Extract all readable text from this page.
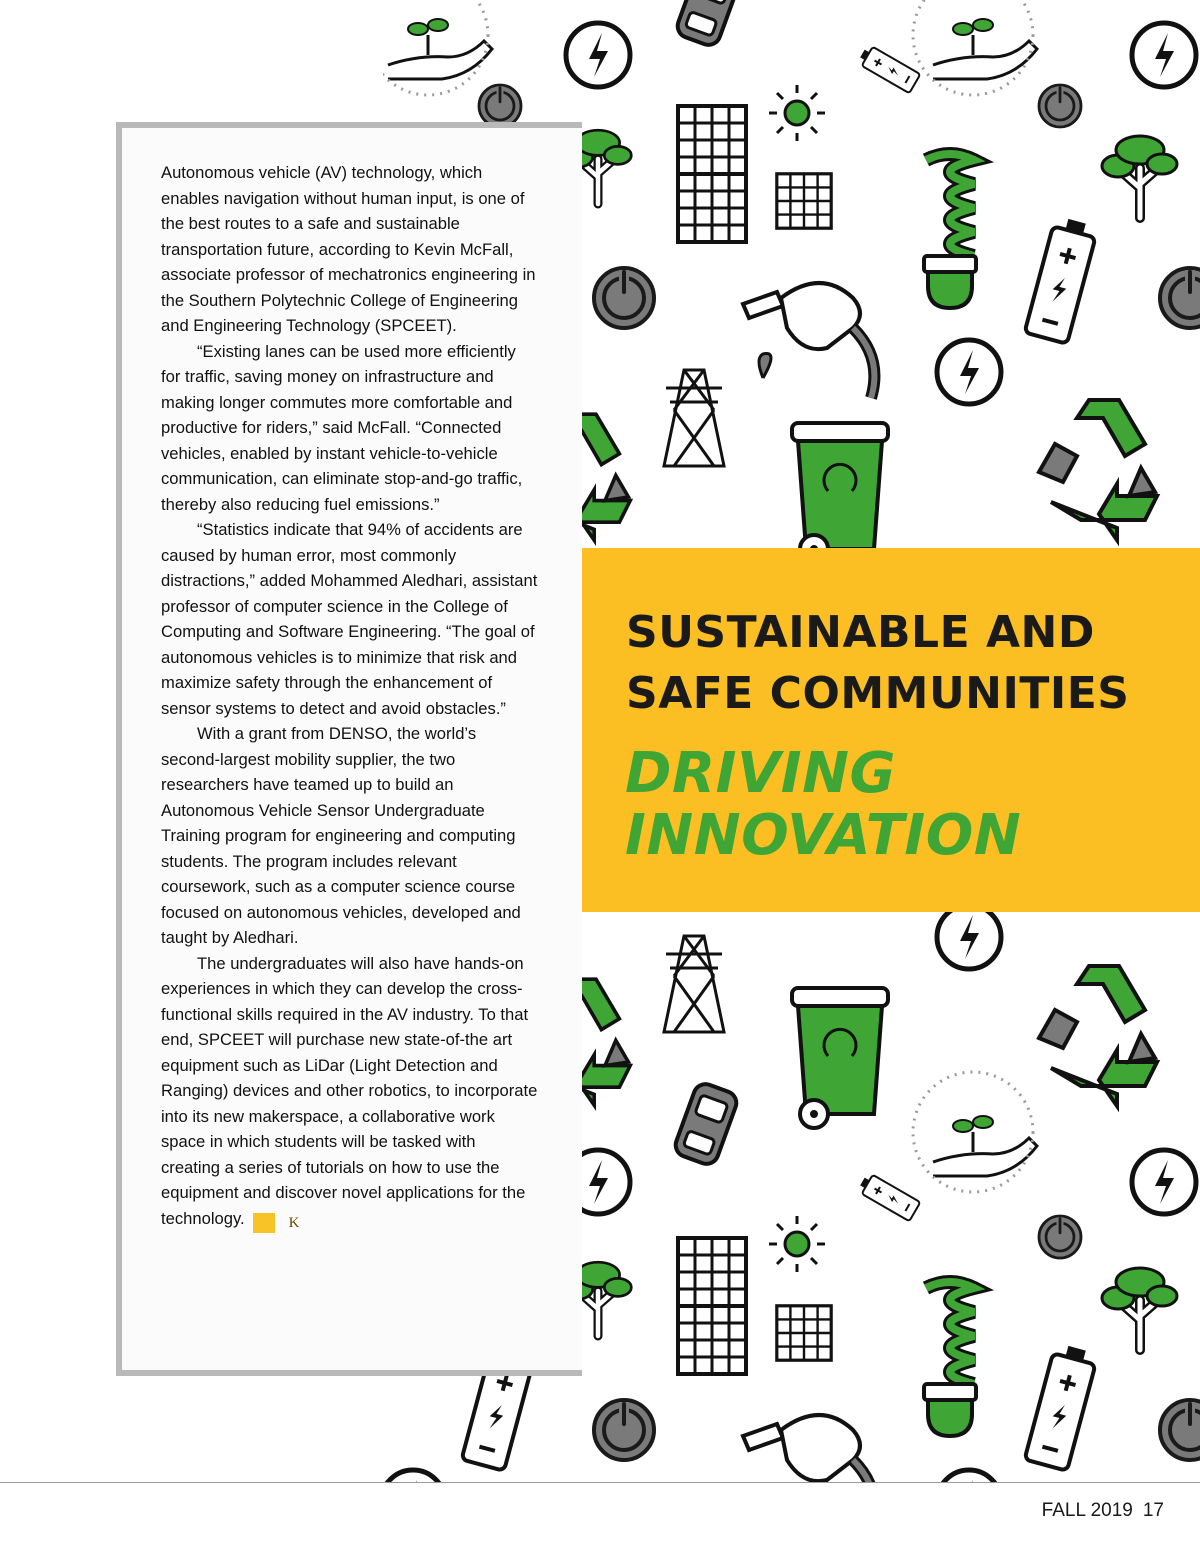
Autonomous vehicle (AV) technology, which enables navigation without human input, is one of the best routes to a safe and sustainable transportation future, according to Kevin McFall, associate professor of mechatronics engineering in the Southern Polytechnic College of Engineering and Engineering Technology (SPCEET).

“Existing lanes can be used more efficiently for traffic, saving money on infrastructure and making longer commutes more comfortable and productive for riders,” said McFall. “Connected vehicles, enabled by instant vehicle-to-vehicle communication, can eliminate stop-and-go traffic, thereby also reducing fuel emissions.”

“Statistics indicate that 94% of accidents are caused by human error, most commonly distractions,” added Mohammed Aledhari, assistant professor of computer science in the College of Computing and Software Engineering. “The goal of autonomous vehicles is to minimize that risk and maximize safety through the enhancement of sensor systems to detect and avoid obstacles.”

With a grant from DENSO, the world’s second-largest mobility supplier, the two researchers have teamed up to build an Autonomous Vehicle Sensor Undergraduate Training program for engineering and computing students. The program includes relevant coursework, such as a computer science course focused on autonomous vehicles, developed and taught by Aledhari.

The undergraduates will also have hands-on experiences in which they can develop the cross-functional skills required in the AV industry. To that end, SPCEET will purchase new state-of-the art equipment such as LiDar (Light Detection and Ranging) devices and other robotics, to incorporate into its new makerspace, a collaborative work space in which students will be tasked with creating a series of tutorials on how to use the equipment and discover novel applications for the technology.	K

SUSTAINABLE AND
SAFE COMMUNITIES
DRIVING
INNOVATION
FALL 2019 17
